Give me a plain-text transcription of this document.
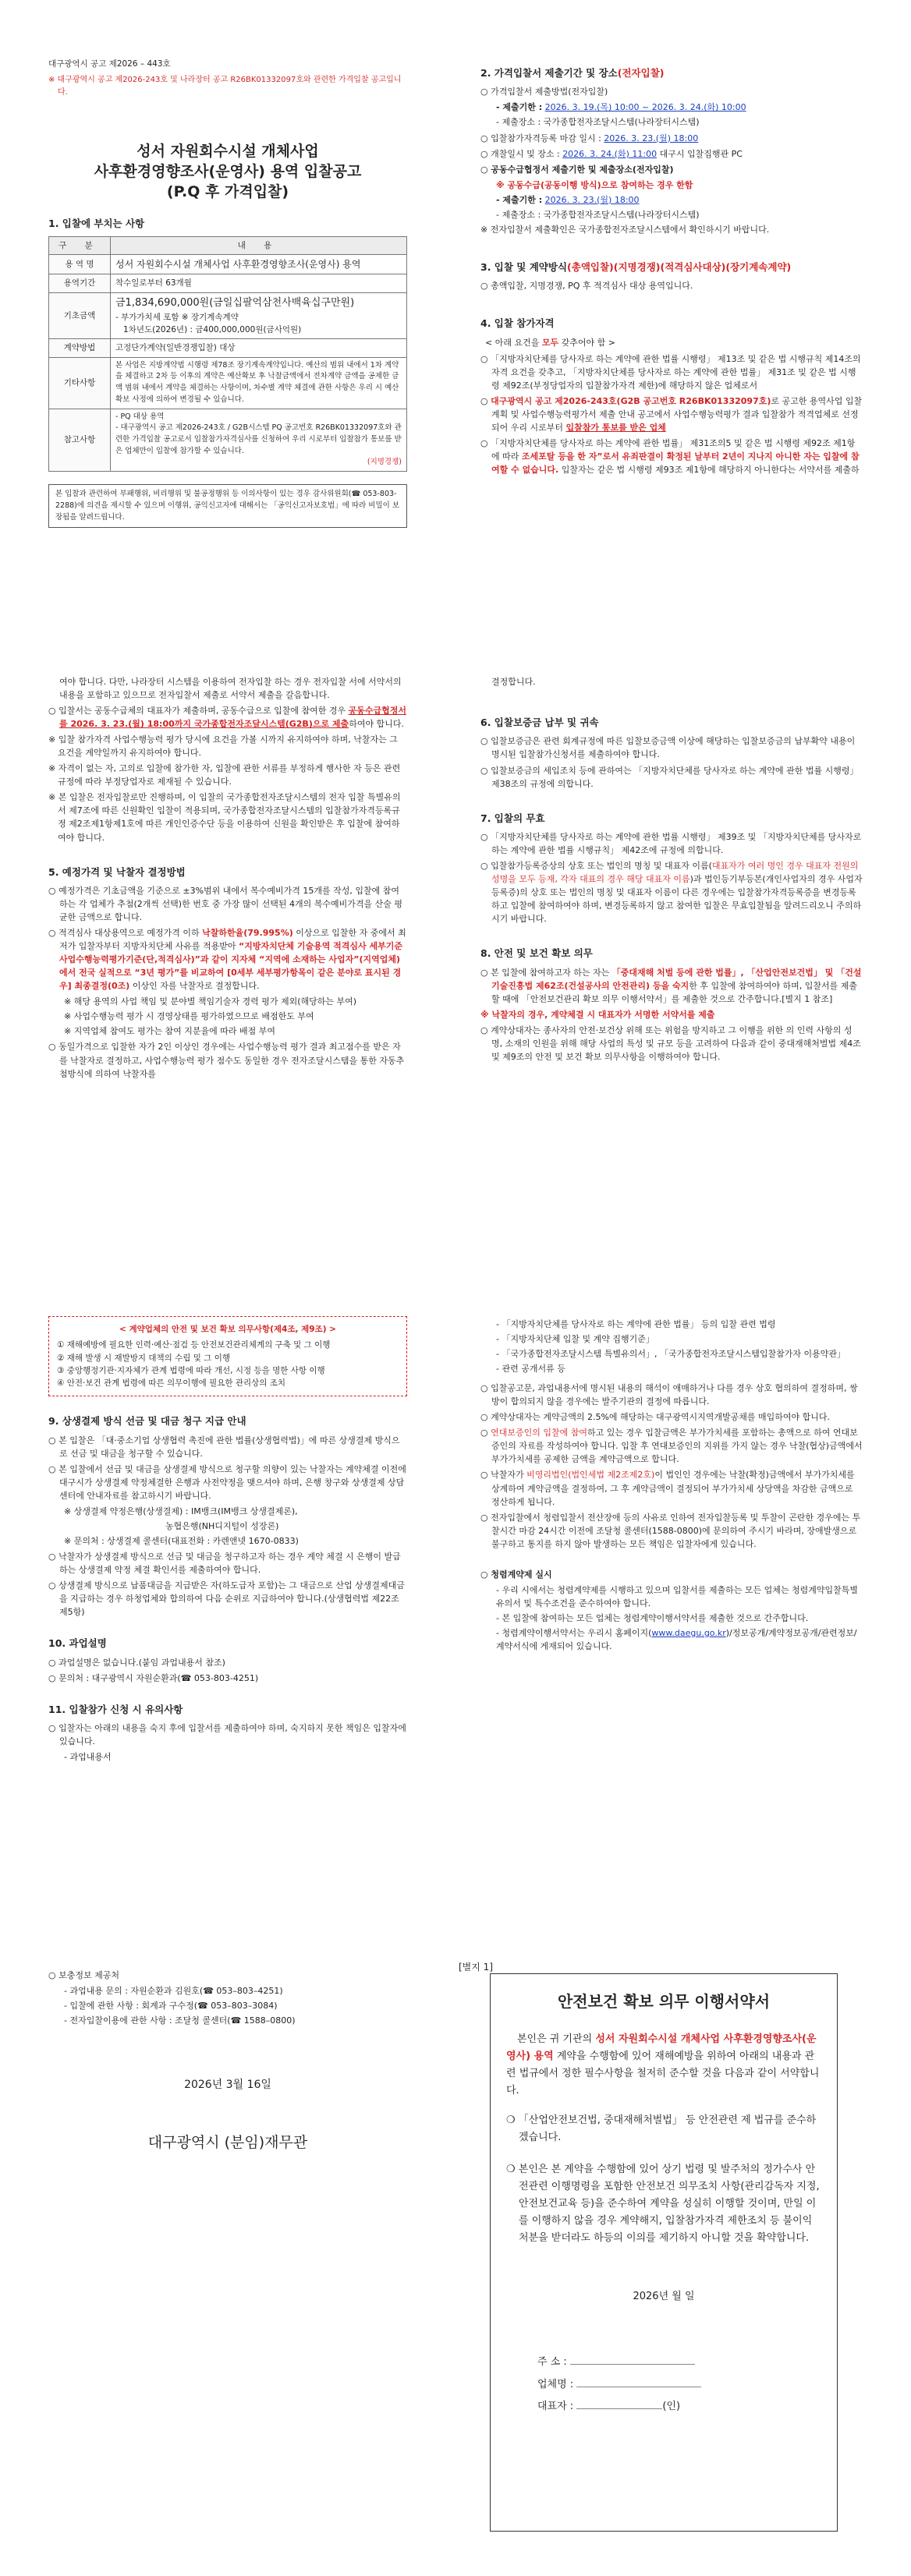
대구광역시 공고 제2026 – 443호
※ 대구광역시 공고 제2026-243호 및 나라장터 공고 R26BK01332097호와 관련한 가격입찰 공고입니다.
성서 자원회수시설 개체사업
사후환경영향조사(운영사) 용역 입찰공고
(P.Q 후 가격입찰)
1. 입찰에 부치는 사항
구 분	내 용
용 역 명	성서 자원회수시설 개체사업 사후환경영향조사(운영사) 용역
용역기간	착수일로부터 63개월
기초금액	금1,834,690,000원(금일십팔억삼천사백육십구만원)
- 부가가치세 포함 ※ 장기계속계약
1차년도(2026년) : 금400,000,000원(금사억원)

계약방법	고정단가계약(일반경쟁입찰) 대상
기타사항	본 사업은 지방계약법 시행령 제78조 장기계속계약입니다. 예산의 범위 내에서 1차 계약을 체결하고 2차 등 이후의 계약은 예산확보 후 낙찰금액에서 전차계약 금액을 공제한 금액 범위 내에서 계약을 체결하는 사항이며, 차수별 계약 체결에 관한 사항은 우리 시 예산확보 사정에 의하여 변경될 수 있습니다.
참고사항	- PQ 대상 용역
- 대구광역시 공고 제2026-243호 / G2B시스템 PQ 공고번호 R26BK01332097호와 관련한 가격입찰 공고로서 입찰참가자격심사를 신청하여 우리 시로부터 입찰참가 통보를 받은 업체만이 입찰에 참가할 수 있습니다.
(지명경쟁)
본 입찰과 관련하여 부패행위, 비리행위 및 불공정행위 등 이의사항이 있는 경우 감사위원회(☎ 053-803-2288)에 의견을 제시할 수 있으며 이행위, 공익신고자에 대해서는 「공익신고자보호법」에 따라 비밀이 보장됨을 알려드립니다.
2. 가격입찰서 제출기간 및 장소(전자입찰)
○ 가격입찰서 제출방법(전자입찰)
- 제출기한 : 2026. 3. 19.(목) 10:00 ~ 2026. 3. 24.(화) 10:00
- 제출장소 : 국가종합전자조달시스템(나라장터시스템)
○ 입찰참가자격등록 마감 일시 : 2026. 3. 23.(월) 18:00
○ 개찰일시 및 장소 : 2026. 3. 24.(화) 11:00 대구시 입찰집행관 PC
○ 공동수급협정서 제출기한 및 제출장소(전자입찰)
※ 공동수급(공동이행 방식)으로 참여하는 경우 한함
- 제출기한 : 2026. 3. 23.(월) 18:00
- 제출장소 : 국가종합전자조달시스템(나라장터시스템)
※ 전자입찰서 제출확인은 국가종합전자조달시스템에서 확인하시기 바랍니다.
3. 입찰 및 계약방식(총액입찰)(지명경쟁)(적격심사대상)(장기계속계약)
○ 총액입찰, 지명경쟁, PQ 후 적격심사 대상 용역입니다.
4. 입찰 참가자격
< 아래 요건을 모두 갖추어야 함 >
○ 「지방자치단체를 당사자로 하는 계약에 관한 법률 시행령」 제13조 및 같은 법 시행규칙 제14조의 자격 요건을 갖추고, 「지방자치단체를 당사자로 하는 계약에 관한 법률」 제31조 및 같은 법 시행령 제92조(부정당업자의 입찰참가자격 제한)에 해당하지 않은 업체로서
○ 대구광역시 공고 제2026-243호(G2B 공고번호 R26BK01332097호)로 공고한 용역사업 입찰계획 및 사업수행능력평가서 제출 안내 공고에서 사업수행능력평가 결과 입찰참가 적격업체로 선정되어 우리 시로부터 입찰참가 통보를 받은 업체
○ 「지방자치단체를 당사자로 하는 계약에 관한 법률」 제31조의5 및 같은 법 시행령 제92조 제1항에 따라 조세포탈 등을 한 자”로서 유죄판결이 확정된 날부터 2년이 지나지 아니한 자는 입찰에 참여할 수 없습니다. 입찰자는 같은 법 시행령 제93조 제1항에 해당하지 아니한다는 서약서를 제출하
여야 합니다. 다만, 나라장터 시스템을 이용하여 전자입찰 하는 경우 전자입찰 서에 서약서의 내용을 포함하고 있으므로 전자입찰서 제출로 서약서 제출을 갈음합니다.
○ 입찰서는 공동수급체의 대표자가 제출하며, 공동수급으로 입찰에 참여한 경우 공동수급협정서를 2026. 3. 23.(월) 18:00까지 국가종합전자조달시스템(G2B)으로 제출하여야 합니다.
※ 입찰 참가자격 사업수행능력 평가 당시에 요건을 가볼 시까지 유지하여야 하며, 낙찰자는 그 요건을 계약일까지 유지하여야 합니다.
※ 자격이 없는 자, 고의로 입찰에 참가한 자, 입찰에 관한 서류를 부정하게 행사한 자 등은 관련 규정에 따라 부정당업자로 제재될 수 있습니다.
※ 본 입찰은 전자입찰로만 진행하며, 이 입찰의 국가종합전자조달시스템의 전자 입찰 특별유의서 제7조에 따른 신원확인 입찰이 적용되며, 국가종합전자조달시스템의 입찰참가자격등록규정 제2조제1항제1호에 따른 개인인증수단 등을 이용하여 신원을 확인받은 후 입찰에 참여하여야 합니다.
5. 예정가격 및 낙찰자 결정방법
○ 예정가격은 기초금액을 기준으로 ±3%범위 내에서 복수예비가격 15개를 작성, 입찰에 참여하는 각 업체가 추첨(2개씩 선택)한 번호 중 가장 많이 선택된 4개의 복수예비가격을 산술 평균한 금액으로 합니다.
○ 적격심사 대상용역으로 예정가격 이하 낙찰하한율(79.995%) 이상으로 입찰한 자 중에서 최저가 입찰자부터 지방자치단체 사유를 적용받아 “지방자치단체 기술용역 적격심사 세부기준 사업수행능력평가기준(단,적격심사)”과 같이 지자체 “지역에 소재하는 사업자”(지역업체)에서 전국 실적으로 “3년 평가”를 비교하여 [0세부 세부평가항목이 같은 분야로 표시된 경우] 최종결정(0조) 이상인 자를 낙찰자로 결정합니다.
※ 해당 용역의 사업 책임 및 분야별 책임기술자 경력 평가 제외(해당하는 부여)
※ 사업수행능력 평가 시 경영상태를 평가하였으므로 배점한도 부여
※ 지역업체 참여도 평가는 참여 지분율에 따라 배점 부여
○ 동일가격으로 입찰한 자가 2인 이상인 경우에는 사업수행능력 평가 결과 최고점수를 받은 자를 낙찰자로 결정하고, 사업수행능력 평가 점수도 동일한 경우 전자조달시스템을 통한 자동추첨방식에 의하여 낙찰자를
결정합니다.
6. 입찰보증금 납부 및 귀속
○ 입찰보증금은 관련 회계규정에 따른 입찰보증금액 이상에 해당하는 입찰보증금의 납부확약 내용이 명시된 입찰참가신청서를 제출하여야 합니다.
○ 입찰보증금의 세입조치 등에 관하여는 「지방자치단체를 당사자로 하는 계약에 관한 법률 시행령」 제38조의 규정에 의합니다.
7. 입찰의 무효
○ 「지방자치단체를 당사자로 하는 계약에 관한 법률 시행령」 제39조 및 「지방자치단체를 당사자로 하는 계약에 관한 법률 시행규칙」 제42조에 규정에 의합니다.
○ 입찰참가등록증상의 상호 또는 법인의 명칭 및 대표자 이름(대표자가 여러 명인 경우 대표자 전원의 성명을 모두 등재, 각자 대표의 경우 해당 대표자 이름)과 법인등기부등본(개인사업자의 경우 사업자등록증)의 상호 또는 법인의 명칭 및 대표자 이름이 다른 경우에는 입찰참가자격등록증을 변경등록하고 입찰에 참여하여야 하며, 변경등록하지 않고 참여한 입찰은 무효입찰됨을 알려드리오니 주의하시기 바랍니다.
8. 안전 및 보건 확보 의무
○ 본 입찰에 참여하고자 하는 자는 「중대재해 처벌 등에 관한 법률」, 「산업안전보건법」 및 「건설기술진흥법 제62조(건설공사의 안전관리) 등을 숙지한 후 입찰에 참여하여야 하며, 입찰서를 제출할 때에 「안전보건관리 확보 의무 이행서약서」를 제출한 것으로 간주합니다.[별지 1 참조]
※ 낙찰자의 경우, 계약체결 시 대표자가 서명한 서약서를 제출
○ 계약상대자는 종사자의 안전·보건상 위해 또는 위험을 방지하고 그 이행을 위한 의 인력 사항의 성명, 소재의 인원을 위해 해당 사업의 특성 및 규모 등을 고려하여 다음과 같이 중대재해처벌법 제4조 및 제9조의 안전 및 보건 확보 의무사항을 이행하여야 합니다.
< 계약업체의 안전 및 보건 확보 의무사항(제4조, 제9조) >
① 재해예방에 필요한 인력·예산·점검 등 안전보건관리체계의 구축 및 그 이행
② 재해 발생 시 재발방지 대책의 수립 및 그 이행
③ 중앙행정기관·지자체가 관계 법령에 따라 개선, 시정 등을 명한 사항 이행
④ 안전·보건 관계 법령에 따른 의무이행에 필요한 관리상의 조치
9. 상생결제 방식 선금 및 대금 청구 지급 안내
○ 본 입찰은 「대·중소기업 상생협력 촉진에 관한 법률(상생협력법)」에 따른 상생결제 방식으로 선금 및 대금을 청구할 수 있습니다.
○ 본 입찰에서 선급 및 대금을 상생결제 방식으로 청구할 의향이 있는 낙찰자는 계약체결 이전에 대구시가 상생결제 약정체결한 은행과 사전약정을 맺으셔야 하며, 은행 창구와 상생결제 상담센터에 안내자료를 참고하시기 바랍니다.
※ 상생결제 약정은행(상생결제) : IM뱅크(IM뱅크 상생결제론),
농협은행(NH디지털이 성장론)
※ 문의처 : 상생결제 콜센터(대표전화 : 카렌앤넷 1670-0833)
○ 낙찰자가 상생결제 방식으로 선금 및 대금을 청구하고자 하는 경우 계약 체결 시 은행이 발급하는 상생결제 약정 체결 확인서를 제출하여야 합니다.
○ 상생결제 방식으로 납품대금을 지급받은 자(하도급자 포함)는 그 대금으로 산업 상생결제대금을 지급하는 경우 하청업체와 합의하여 다음 순위로 지급하여야 합니다.(상생협력법 제22조제5항)
10. 과업설명
○ 과업설명은 없습니다.(붙임 과업내용서 참조)
○ 문의처 : 대구광역시 자원순환과(☎ 053-803-4251)
11. 입찰참가 신청 시 유의사항
○ 입찰자는 아래의 내용을 숙지 후에 입찰서를 제출하여야 하며, 숙지하지 못한 책임은 입찰자에 있습니다.
- 과업내용서
- 「지방자치단체를 당사자로 하는 계약에 관한 법률」 등의 입찰 관련 법령
- 「지방자치단체 입찰 및 계약 집행기준」
- 「국가종합전자조달시스템 특별유의서」, 「국가종합전자조달시스템입찰참가자 이용약관」
- 관련 공개서류 등
○ 입찰공고문, 과업내용서에 명시된 내용의 해석이 애매하거나 다를 경우 상호 협의하여 결정하며, 쌍방이 합의되지 않을 경우에는 발주기관의 결정에 따릅니다.
○ 계약상대자는 계약금액의 2.5%에 해당하는 대구광역시지역개발공채를 매입하여야 합니다.
○ 연대보증인의 입찰에 참여하고 있는 경우 입찰금액은 부가가치세를 포함하는 총액으로 하여 연대보증인의 자료를 작성하여야 합니다. 입찰 후 연대보증인의 지위를 가지 않는 경우 낙찰(협상)금액에서 부가가치세를 공제한 금액을 계약금액으로 합니다.
○ 낙찰자가 비영리법인(법인세법 제2조제2호)이 법인인 경우에는 낙찰(확정)금액에서 부가가치세를 상계하여 계약금액을 결정하여, 그 후 계약금액이 결정되어 부가가치세 상당액을 차감한 금액으로 정산하게 됩니다.
○ 전자입찰에서 청렴입찰서 전산장애 등의 사유로 인하여 전자입찰등록 및 투찰이 곤란한 경우에는 투찰시간 마감 24시간 이전에 조달청 콜센터(1588-0800)에 문의하여 주시기 바라며, 장애발생으로 불구하고 통지를 하지 않아 발생하는 모든 책임은 입찰자에게 있습니다.
○ 청렴계약제 실시
- 우리 시에서는 청렴계약제를 시행하고 있으며 입찰서를 제출하는 모든 업체는 청렴계약입찰특별유의서 및 특수조건을 준수하여야 합니다.
- 본 입찰에 참여하는 모든 업체는 청렴계약이행서약서를 제출한 것으로 간주합니다.
- 청렴계약이행서약서는 우리시 홈페이지(www.daegu.go.kr)/정보공개/계약정보공개/관련정보/계약서식에 게재되어 있습니다.
○ 보충정보 제공처
- 과업내용 문의 : 자원순환과 김원호(☎ 053–803–4251)
- 입찰에 관한 사항 : 회계과 구수정(☎ 053–803–3084)
- 전자입찰이용에 관한 사항 : 조달청 콜센터(☎ 1588–0800)
2026년 3월 16일
대구광역시 (분임)재무관
[별지 1]
안전보건 확보 의무 이행서약서

본인은 귀 기관의 성서 자원회수시설 개체사업 사후환경영향조사(운영사) 용역 계약을 수행함에 있어 재해예방을 위하여 아래의 내용과 관련 법규에서 정한 필수사항을 철저히 준수할 것을 다음과 같이 서약합니다.

❍ 「산업안전보건법, 중대재해처벌법」 등 안전관련 제 법규를 준수하겠습니다.
❍ 본인은 본 계약을 수행함에 있어 상기 법령 및 발주처의 정가수사 안전관련 이행명령을 포함한 안전보건 의무조치 사항(관리감독자 지정, 안전보건교육 등)을 준수하여 계약을 성실히 이행할 것이며, 만일 이를 이행하지 않을 경우 계약해지, 입찰참가자격 제한조치 등 불이익 처분을 받더라도 하등의 이의를 제기하지 아니할 것을 확약합니다.
2026년 월 일
주 소 :
업체명 :
대표자 :	(인)
